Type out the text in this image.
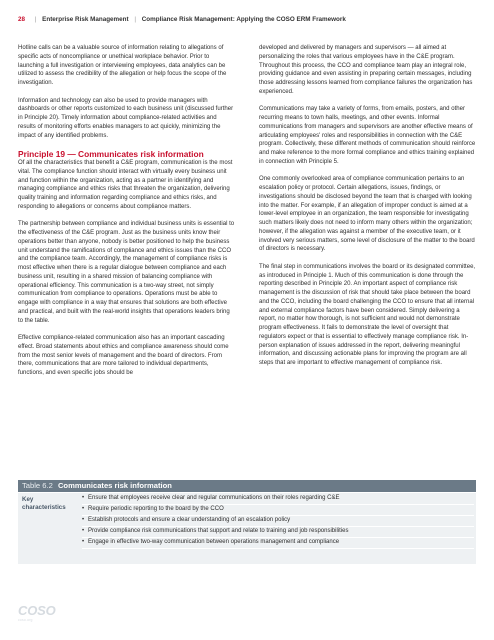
28 | Enterprise Risk Management | Compliance Risk Management: Applying the COSO ERM Framework

Hotline calls can be a valuable source of information relating to allegations of specific acts of noncompliance or unethical workplace behavior. Prior to launching a full investigation or interviewing employees, data analytics can be utilized to assess the credibility of the allegation or help focus the scope of the investigation.

Information and technology can also be used to provide managers with dashboards or other reports customized to each business unit (discussed further in Principle 20). Timely information about compliance-related activities and results of monitoring efforts enables managers to act quickly, minimizing the impact of any identified problems.

Principle 19 — Communicates risk information

Of all the characteristics that benefit a C&E program, communication is the most vital. The compliance function should interact with virtually every business unit and function within the organization, acting as a partner in identifying and managing compliance and ethics risks that threaten the organization, delivering quality training and information regarding compliance and ethics risks, and responding to allegations or concerns about compliance matters.

The partnership between compliance and individual business units is essential to the effectiveness of the C&E program. Just as the business units know their operations better than anyone, nobody is better positioned to help the business unit understand the ramifications of compliance and ethics issues than the CCO and the compliance team. Accordingly, the management of compliance risks is most effective when there is a regular dialogue between compliance and each business unit, resulting in a shared mission of balancing compliance with operational efficiency. This communication is a two-way street, not simply communication from compliance to operations. Operations must be able to engage with compliance in a way that ensures that solutions are both effective and practical, and built with the real-world insights that operations leaders bring to the table.

Effective compliance-related communication also has an important cascading effect. Broad statements about ethics and compliance awareness should come from the most senior levels of management and the board of directors. From there, communications that are more tailored to individual departments, functions, and even specific jobs should be

developed and delivered by managers and supervisors — all aimed at personalizing the roles that various employees have in the C&E program. Throughout this process, the CCO and compliance team play an integral role, providing guidance and even assisting in preparing certain messages, including those addressing lessons learned from compliance failures the organization has experienced.

Communications may take a variety of forms, from emails, posters, and other recurring means to town halls, meetings, and other events. Informal communications from managers and supervisors are another effective means of articulating employees' roles and responsibilities in connection with the C&E program. Collectively, these different methods of communication should reinforce and make reference to the more formal compliance and ethics training explained in connection with Principle 5.

One commonly overlooked area of compliance communication pertains to an escalation policy or protocol. Certain allegations, issues, findings, or investigations should be disclosed beyond the team that is charged with looking into the matter. For example, if an allegation of improper conduct is aimed at a lower-level employee in an organization, the team responsible for investigating such matters likely does not need to inform many others within the organization; however, if the allegation was against a member of the executive team, or it involved very serious matters, some level of disclosure of the matter to the board of directors is necessary.

The final step in communications involves the board or its designated committee, as introduced in Principle 1. Much of this communication is done through the reporting described in Principle 20. An important aspect of compliance risk management is the discussion of risk that should take place between the board and the CCO, including the board challenging the CCO to ensure that all internal and external compliance factors have been considered. Simply delivering a report, no matter how thorough, is not sufficient and would not demonstrate program effectiveness. It fails to demonstrate the level of oversight that regulators expect or that is essential to effectively manage compliance risk. In-person explanation of issues addressed in the report, delivering meaningful information, and discussing actionable plans for improving the program are all steps that are important to effective management of compliance risk.

Table 6.2 Communicates risk information
Key characteristics
• Ensure that employees receive clear and regular communications on their roles regarding C&E
• Require periodic reporting to the board by the CCO
• Establish protocols and ensure a clear understanding of an escalation policy
• Provide compliance risk communications that support and relate to training and job responsibilities
• Engage in effective two-way communication between operations management and compliance
COSO
coso.org
